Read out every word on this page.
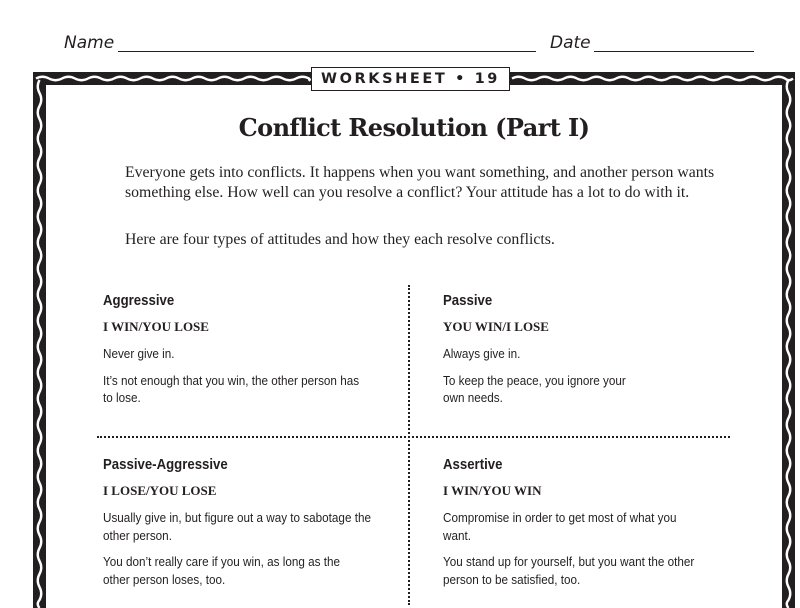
Name	Date
WORKSHEET • 19
Conflict Resolution (Part I)

Everyone gets into conflicts. It happens when you want something, and another person wants something else. How well can you resolve a conflict? Your attitude has a lot to do with it.

Here are four types of attitudes and how they each resolve conflicts.

Aggressive
I WIN/YOU LOSE
Never give in.
It’s not enough that you win, the other person has to lose.
Passive
YOU WIN/I LOSE
Always give in.
To keep the peace, you ignore your own needs.
Passive-Aggressive
I LOSE/YOU LOSE
Usually give in, but figure out a way to sabotage the other person.
You don’t really care if you win, as long as the other person loses, too.
Assertive
I WIN/YOU WIN
Compromise in order to get most of what you want.
You stand up for yourself, but you want the other person to be satisfied, too.
